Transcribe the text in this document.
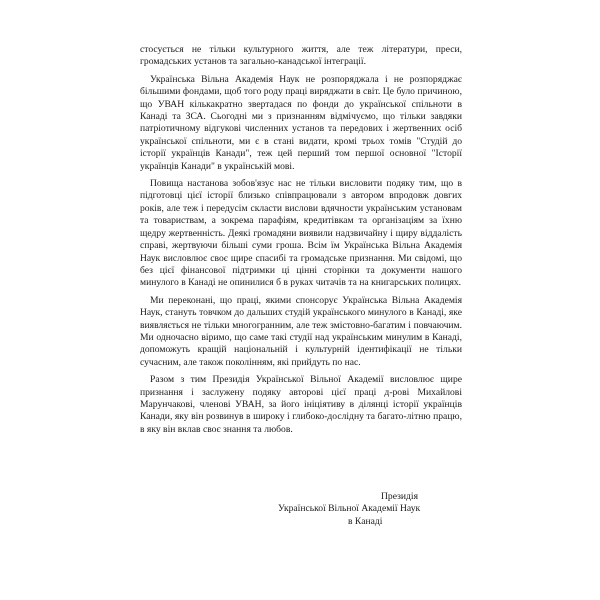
стосується не тільки культурного життя, але теж літератури, преси, громадських установ та загально-канадської інтеграції.

Українська Вільна Академія Наук не розпоряджала і не розпоряджає більшими фондами, щоб того роду праці виряджати в світ. Це було причиною, що УВАН кількакратно звертадася по фонди до української спільноти в Канаді та ЗСА. Сьогодні ми з признанням відмічуємо, що тільки завдяки патріотичному відгукові численних установ та передових і жертвенних осіб української спільноти, ми є в стані видати, кромі трьох томів "Студій до історії українців Канади", теж цей перший том першої основної "Історії українців Канади" в українській мові.

Повища настанова зобов'язує нас не тільки висловити подяку тим, що в підготовці цієї історії близько співпрацювали з автором впродовж довгих років, але теж і передусім скласти вислови вдячности українським установам та товариствам, а зокрема парафіям, кредитівкам та організаціям за їхню щедру жертвенність. Деякі громадяни виявили надзвичайну і щиру віддалість справі, жертвуючи більші суми гроша. Всім їм Українська Вільна Академія Наук висловлює своє щире спасибі та громадське признання. Ми свідомі, що без цієї фінансової підтримки ці цінні сторінки та документи нашого минулого в Канаді не опинилися б в руках читачів та на книгарських полицях.

Ми переконані, що праці, якими спонсорує Українська Вільна Академія Наук, стануть товчком до дальших студій українського минулого в Канаді, яке виявляється не тільки многогранним, але теж змістовно-багатим і повчаючим. Ми одночасно віримо, що саме такі студії над українським минулим в Канаді, допоможуть кращій національній і культурній ідентифікації не тільки сучасним, але також поколінням, які прийдуть по нас.

Разом з тим Президія Української Вільної Академії висловлює щире признання і заслужену подяку авторові цієї праці д-рові Михайлові Марунчакові, членові УВАН, за його ініціятиву в ділянці історії українців Канади, яку він розвинув в широку і глибоко-дослідну та багато-літню працю, в яку він вклав своє знання та любов.

Президія
Української Вільної Академії Наук
в Канаді
